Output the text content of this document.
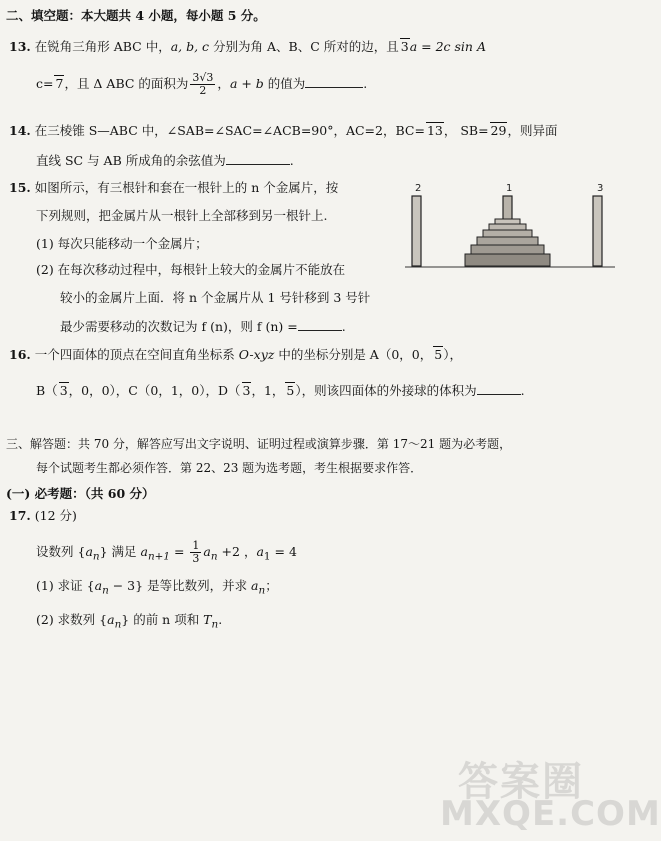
二、填空题：本大题共 4 小题，每小题 5 分。
13. 在锐角三角形 ABC 中，a, b, c 分别为角 A、B、C 所对的边，且 3a = 2c sin A
c= 7，且 Δ ABC 的面积为 $\frac{3√3}{2}$ ，a + b 的值为	.
14. 在三棱锥 S—ABC 中，∠SAB=∠SAC=∠ACB=90°，AC=2，BC= 13， SB= 29，则异面
直线 SC 与 AB 所成角的余弦值为	.
15. 如图所示，有三根针和套在一根针上的 n 个金属片，按
下列规则，把金属片从一根针上全部移到另一根针上.
(1) 每次只能移动一个金属片；
(2) 在每次移动过程中，每根针上较大的金属片不能放在
较小的金属片上面．将 n 个金属片从 1 号针移到 3 号针
最少需要移动的次数记为 f (n)，则 f (n) =	.
2	1	3
16. 一个四面体的顶点在空间直角坐标系 O-xyz 中的坐标分别是 A（0，0， 5），
B（ 3，0，0），C（0，1，0），D（ 3，1， 5），则该四面体的外接球的体积为	.
三、解答题：共 70 分，解答应写出文字说明、证明过程或演算步骤．第 17～21 题为必考题，
每个试题考生都必须作答．第 22、23 题为选考题，考生根据要求作答．
(一) 必考题：（共 60 分）
17. (12 分)
设数列 $\{a_n\}$ 满足 $a_{n+1} = \frac{1}{3} a_n +2$ ，$a_1 = 4$
(1) 求证 $\{a_n - 3\}$ 是等比数列，并求 $a_n$；
(2) 求数列 $\{a_n\}$ 的前 n 项和 $T_n$.
答案圈
MXQE.COM
